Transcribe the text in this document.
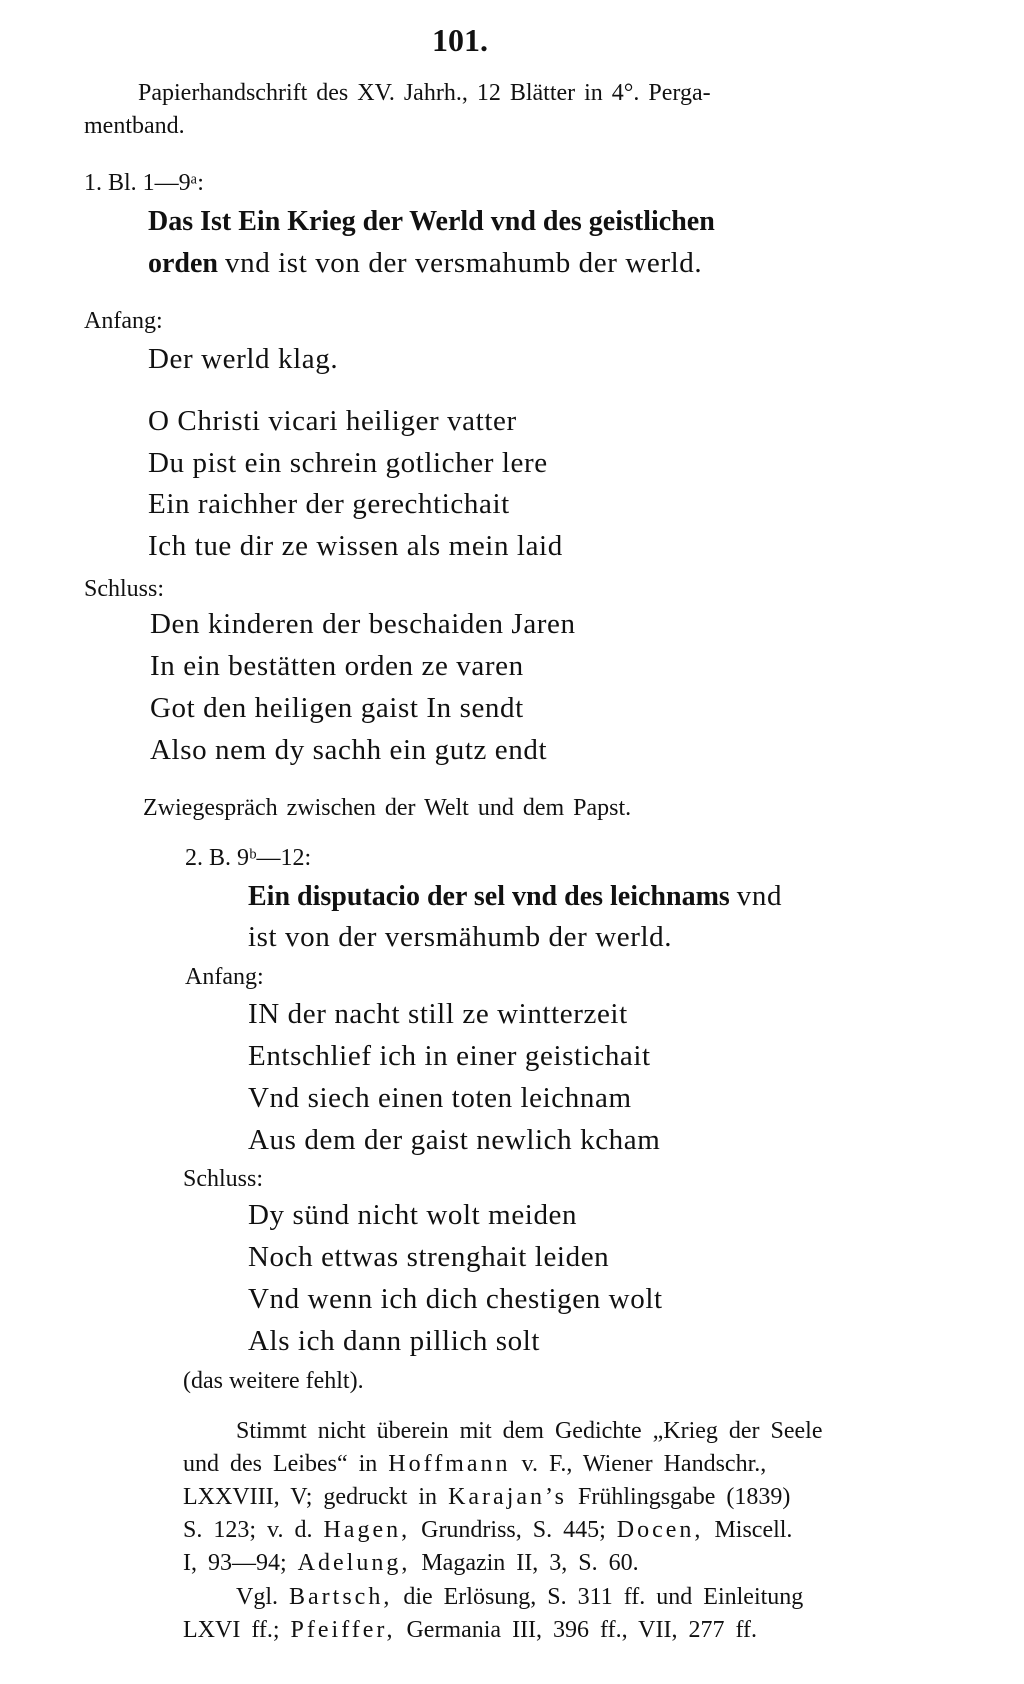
101.
Papierhandschrift des XV. Jahrh., 12 Blätter in 4°. Perga-
mentband.
1. Bl. 1—9ᵃ:
Das Ist Ein Krieg der Werld vnd des geistlichen
orden vnd ist von der versmahumb der werld.
Anfang:
Der werld klag.
O Christi vicari heiliger vatter
Du pist ein schrein gotlicher lere
Ein raichher der gerechtichait
Ich tue dir ze wissen als mein laid
Schluss:
Den kinderen der beschaiden Jaren
In ein bestätten orden ze varen
Got den heiligen gaist In sendt
Also nem dy sachh ein gutz endt
Zwiegespräch zwischen der Welt und dem Papst.
2. B. 9ᵇ—12:
Ein disputacio der sel vnd des leichnams vnd
ist von der versmähumb der werld.
Anfang:
IN der nacht still ze wintterzeit
Entschlief ich in einer geistichait
Vnd siech einen toten leichnam
Aus dem der gaist newlich kcham
Schluss:
Dy sünd nicht wolt meiden
Noch ettwas strenghait leiden
Vnd wenn ich dich chestigen wolt
Als ich dann pillich solt
(das weitere fehlt).
Stimmt nicht überein mit dem Gedichte „Krieg der Seele
und des Leibes“ in Hoffmann v. F., Wiener Handschr.,
LXXVIII, V; gedruckt in Karajan’s Frühlingsgabe (1839)
S. 123; v. d. Hagen, Grundriss, S. 445; Docen, Miscell.
I, 93—94; Adelung, Magazin II, 3, S. 60.
Vgl. Bartsch, die Erlösung, S. 311 ff. und Einleitung
LXVI ff.; Pfeiffer, Germania III, 396 ff., VII, 277 ff.
